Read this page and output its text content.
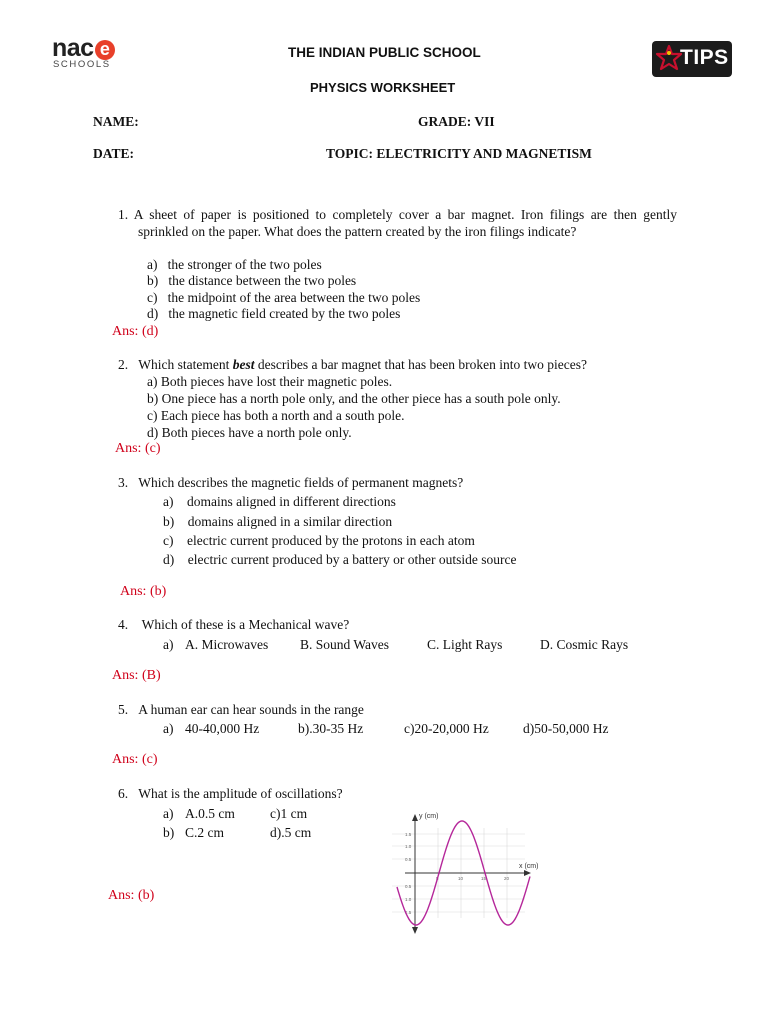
nac e
SCHOOLS	TIPS
THE INDIAN PUBLIC SCHOOL
PHYSICS WORKSHEET
NAME:	GRADE: VII
DATE:	TOPIC: ELECTRICITY AND MAGNETISM
1. A sheet of paper is positioned to completely cover a bar magnet. Iron filings are then gently sprinkled on the paper. What does the pattern created by the iron filings indicate?
a)   the stronger of the two poles
b)   the distance between the two poles
c)   the midpoint of the area between the two poles
d)   the magnetic field created by the two poles
Ans: (d)
2. Which statement best describes a bar magnet that has been broken into two pieces?
a) Both pieces have lost their magnetic poles.
b) One piece has a north pole only, and the other piece has a south pole only.
c) Each piece has both a north and a south pole.
d) Both pieces have a north pole only.
Ans: (c)
3. Which describes the magnetic fields of permanent magnets?
a)    domains aligned in different directions
b)    domains aligned in a similar direction
c)    electric current produced by the protons in each atom
d)    electric current produced by a battery or other outside source
Ans: (b)
4. Which of these is a Mechanical wave?
a) A. Microwaves B. Sound Waves	C. Light Rays	D. Cosmic Rays
Ans: (B)
5. A human ear can hear sounds in the range
a) 40-40,000 Hz	b).30-35 Hz	c)20-20,000 Hz	d)50-50,000 Hz
Ans: (c)
6. What is the amplitude of oscillations?
a) A.0.5 cm	c)1 cm
b) C.2 cm	d).5 cm
Ans: (b)
y (cm)
x (cm)
1.5
1.0
0.5
0.5
1.0
1.5
5	10	15	20
